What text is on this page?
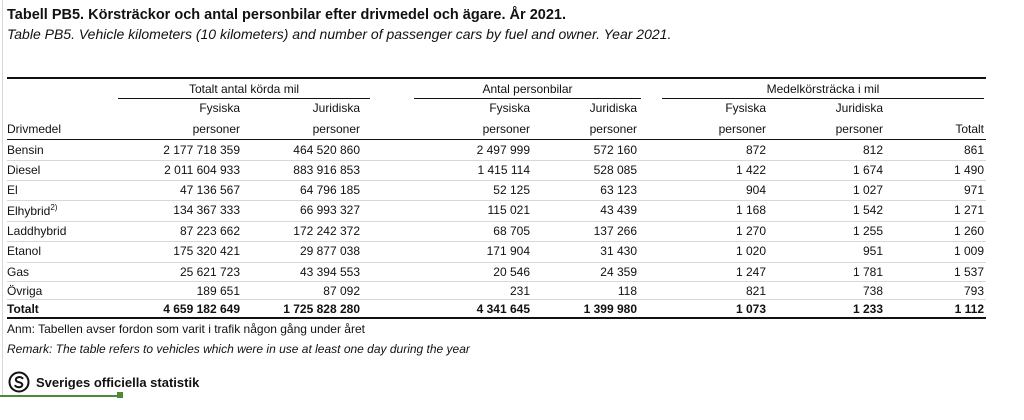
Tabell PB5. Körsträckor och antal personbilar efter drivmedel och ägare. År 2021.
Table PB5. Vehicle kilometers (10 kilometers) and number of passenger cars by fuel and owner. Year 2021.
Totalt antal körda mil	Antal personbilar	Medelkörsträcka i mil
Fysiska	Juridiska	Fysiska	Juridiska	Fysiska	Juridiska
Drivmedel	personer	personer	personer	personer	personer	personer	Totalt
Bensin	2 177 718 359	464 520 860	2 497 999	572 160	872	812	861
Diesel	2 011 604 933	883 916 853	1 415 114	528 085	1 422	1 674	1 490
El	47 136 567	64 796 185	52 125	63 123	904	1 027	971
Elhybrid$^{2)}$	134 367 333	66 993 327	115 021	43 439	1 168	1 542	1 271
Laddhybrid	87 223 662	172 242 372	68 705	137 266	1 270	1 255	1 260
Etanol	175 320 421	29 877 038	171 904	31 430	1 020	951	1 009
Gas	25 621 723	43 394 553	20 546	24 359	1 247	1 781	1 537
Övriga	189 651	87 092	231	118	821	738	793
Totalt	4 659 182 649	1 725 828 280	4 341 645	1 399 980	1 073	1 233	1 112
Anm: Tabellen avser fordon som varit i trafik någon gång under året
Remark: The table refers to vehicles which were in use at least one day during the year
Sveriges officiella statistik
